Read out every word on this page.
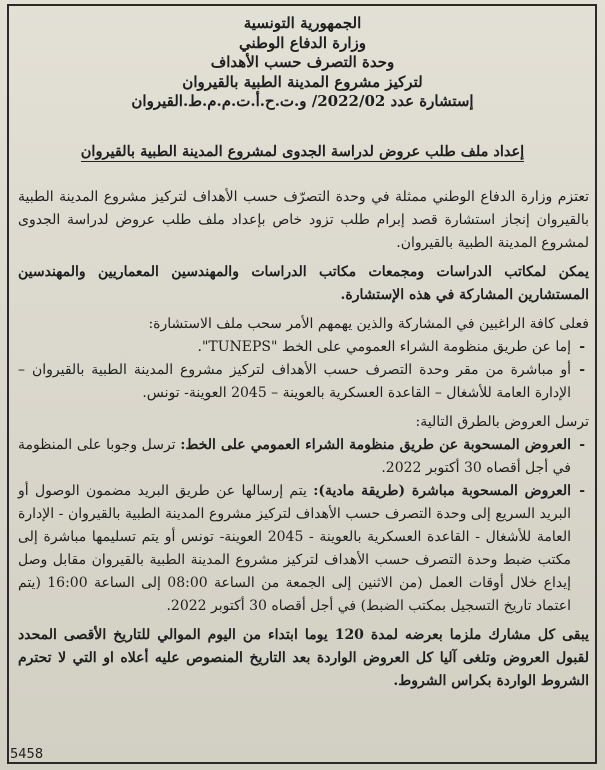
الجمهورية التونسية
وزارة الدفاع الوطني
وحدة التصرف حسب الأهداف
لتركيز مشروع المدينة الطبية بالقيروان
إستشارة عدد 2022/02/ و.ت.ح.أ.ت.م.م.ط.القيروان
إعداد ملف طلب عروض لدراسة الجدوى لمشروع المدينة الطبية بالقيروان

تعتزم وزارة الدفاع الوطني ممثلة في وحدة التصرّف حسب الأهداف لتركيز مشروع المدينة الطبية بالقيروان إنجاز استشارة قصد إبرام طلب تزود خاص بإعداد ملف طلب عروض لدراسة الجدوى لمشروع المدينة الطبية بالقيروان.

يمكن لمكاتب الدراسات ومجمعات مكاتب الدراسات والمهندسين المعماريين والمهندسين المستشارين المشاركة في هذه الإستشارة.

فعلى كافة الراغبين في المشاركة والذين يهمهم الأمر سحب ملف الاستشارة:

- إما عن طريق منظومة الشراء العمومي على الخط "TUNEPS".
- أو مباشرة من مقر وحدة التصرف حسب الأهداف لتركيز مشروع المدينة الطبية بالقيروان – الإدارة العامة للأشغال – القاعدة العسكرية بالعوينة – 2045 العوينة- تونس.

ترسل العروض بالطرق التالية:

- العروض المسحوبة عن طريق منظومة الشراء العمومي على الخط: ترسل وجوبا على المنظومة في أجل أقصاه 30 أكتوبر 2022.
- العروض المسحوبة مباشرة (طريقة مادية): يتم إرسالها عن طريق البريد مضمون الوصول أو البريد السريع إلى وحدة التصرف حسب الأهداف لتركيز مشروع المدينة الطبية بالقيروان - الإدارة العامة للأشغال - القاعدة العسكرية بالعوينة - 2045 العوينة- تونس أو يتم تسليمها مباشرة إلى مكتب ضبط وحدة التصرف حسب الأهداف لتركيز مشروع المدينة الطبية بالقيروان مقابل وصل إيداع خلال أوقات العمل (من الاثنين إلى الجمعة من الساعة 08:00 إلى الساعة 16:00 (يتم اعتماد تاريخ التسجيل بمكتب الضبط) في أجل أقصاه 30 أكتوبر 2022.

يبقى كل مشارك ملزما بعرضه لمدة 120 يوما ابتداء من اليوم الموالي للتاريخ الأقصى المحدد لقبول العروض وتلغى آليا كل العروض الواردة بعد التاريخ المنصوص عليه أعلاه او التي لا تحترم الشروط الواردة بكراس الشروط.

5458
